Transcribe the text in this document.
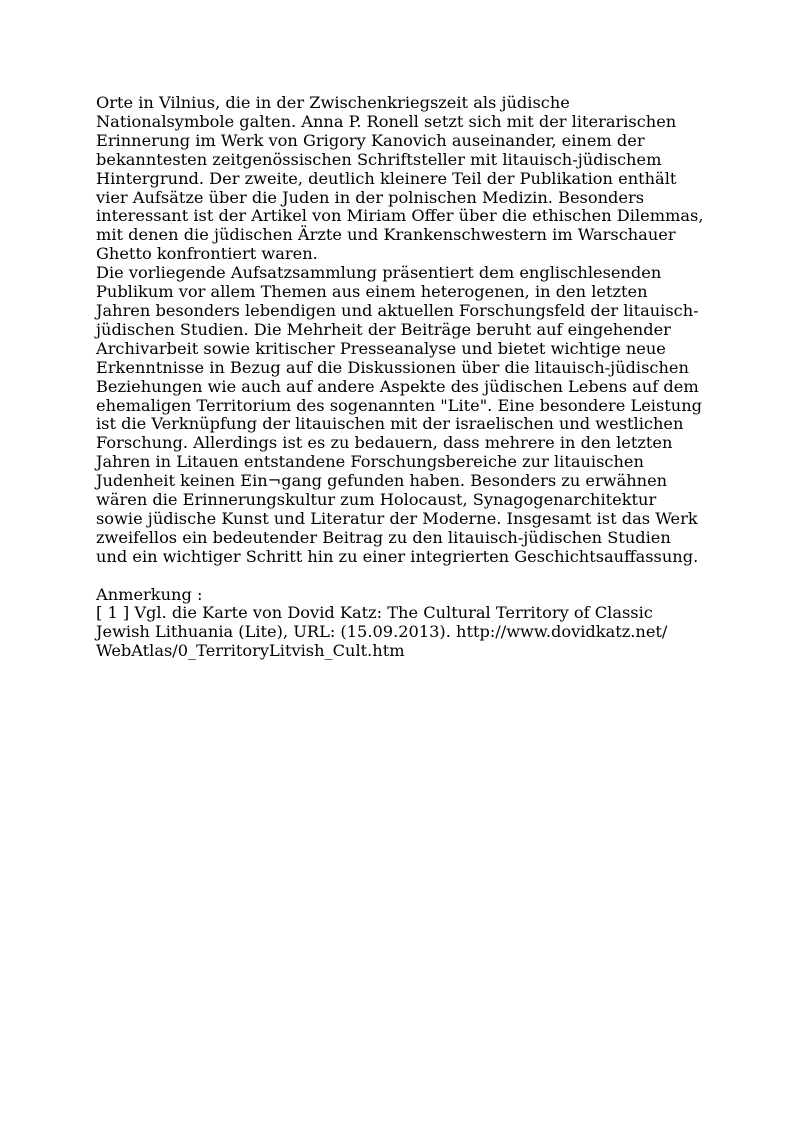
Orte in Vilnius, die in der Zwischenkriegszeit als jüdische
Nationalsymbole galten. Anna P. Ronell setzt sich mit der literarischen
Erinnerung im Werk von Grigory Kanovich auseinander, einem der
bekanntesten zeitgenössischen Schriftsteller mit litauisch-jüdischem
Hintergrund. Der zweite, deutlich kleinere Teil der Publikation enthält
vier Aufsätze über die Juden in der polnischen Medizin. Besonders
interessant ist der Artikel von Miriam Offer über die ethischen Dilemmas,
mit denen die jüdischen Ärzte und Krankenschwestern im Warschauer
Ghetto konfrontiert waren.
Die vorliegende Aufsatzsammlung präsentiert dem englischlesenden
Publikum vor allem Themen aus einem heterogenen, in den letzten
Jahren besonders lebendigen und aktuellen Forschungsfeld der litauisch-
jüdischen Studien. Die Mehrheit der Beiträge beruht auf eingehender
Archivarbeit sowie kritischer Presseanalyse und bietet wichtige neue
Erkenntnisse in Bezug auf die Diskussionen über die litauisch-jüdischen
Beziehungen wie auch auf andere Aspekte des jüdischen Lebens auf dem
ehemaligen Territorium des sogenannten "Lite". Eine besondere Leistung
ist die Verknüpfung der litauischen mit der israelischen und westlichen
Forschung. Allerdings ist es zu bedauern, dass mehrere in den letzten
Jahren in Litauen entstandene Forschungsbereiche zur litauischen
Judenheit keinen Ein¬gang gefunden haben. Besonders zu erwähnen
wären die Erinnerungskultur zum Holocaust, Synagogenarchitektur
sowie jüdische Kunst und Literatur der Moderne. Insgesamt ist das Werk
zweifellos ein bedeutender Beitrag zu den litauisch-jüdischen Studien
und ein wichtiger Schritt hin zu einer integrierten Geschichtsauffassung.
Anmerkung :
[ 1 ] Vgl. die Karte von Dovid Katz: The Cultural Territory of Classic
Jewish Lithuania (Lite), URL: (15.09.2013). http://www.dovidkatz.net/
WebAtlas/0_TerritoryLitvish_Cult.htm
